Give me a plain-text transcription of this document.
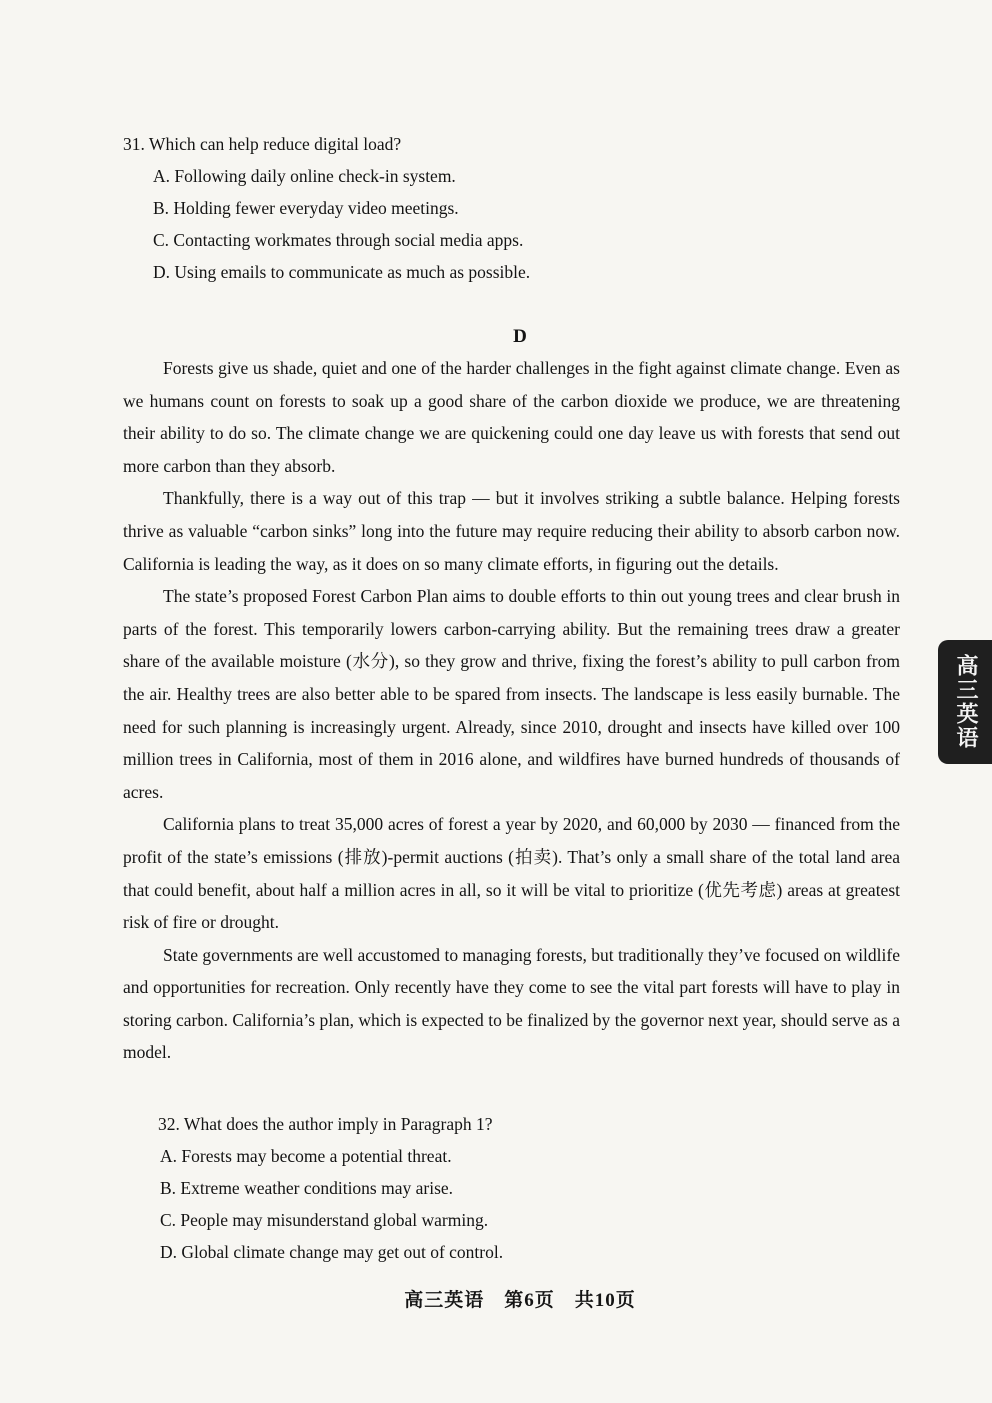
31. Which can help reduce digital load?
A. Following daily online check-in system.
B. Holding fewer everyday video meetings.
C. Contacting workmates through social media apps.
D. Using emails to communicate as much as possible.
D

Forests give us shade, quiet and one of the harder challenges in the fight against climate change. Even as we humans count on forests to soak up a good share of the carbon dioxide we produce, we are threatening their ability to do so. The climate change we are quickening could one day leave us with forests that send out more carbon than they absorb.

Thankfully, there is a way out of this trap — but it involves striking a subtle balance. Helping forests thrive as valuable “carbon sinks” long into the future may require reducing their ability to absorb carbon now. California is leading the way, as it does on so many climate efforts, in figuring out the details.

The state’s proposed Forest Carbon Plan aims to double efforts to thin out young trees and clear brush in parts of the forest. This temporarily lowers carbon-carrying ability. But the remaining trees draw a greater share of the available moisture (水分), so they grow and thrive, fixing the forest’s ability to pull carbon from the air. Healthy trees are also better able to be spared from insects. The landscape is less easily burnable. The need for such planning is increasingly urgent. Already, since 2010, drought and insects have killed over 100 million trees in California, most of them in 2016 alone, and wildfires have burned hundreds of thousands of acres.

California plans to treat 35,000 acres of forest a year by 2020, and 60,000 by 2030 — financed from the profit of the state’s emissions (排放)-permit auctions (拍卖). That’s only a small share of the total land area that could benefit, about half a million acres in all, so it will be vital to prioritize (优先考虑) areas at greatest risk of fire or drought.

State governments are well accustomed to managing forests, but traditionally they’ve focused on wildlife and opportunities for recreation. Only recently have they come to see the vital part forests will have to play in storing carbon. California’s plan, which is expected to be finalized by the governor next year, should serve as a model.

32. What does the author imply in Paragraph 1?
A. Forests may become a potential threat.
B. Extreme weather conditions may arise.
C. People may misunderstand global warming.
D. Global climate change may get out of control.
高三英语　第6页　共10页
高三英语
